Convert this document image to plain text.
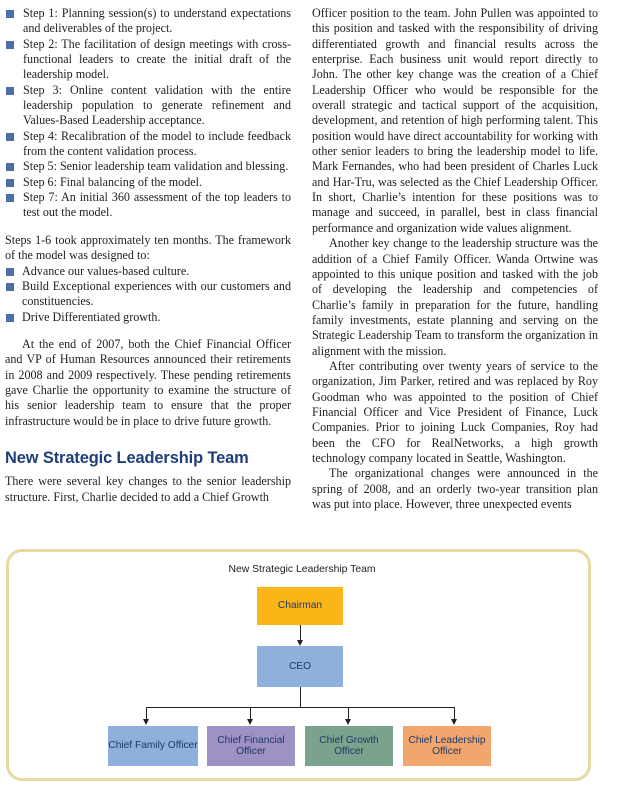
Step 1: Planning session(s) to understand expectations and deliverables of the project.
Step 2: The facilitation of design meetings with cross-functional leaders to create the initial draft of the leadership model.
Step 3: Online content validation with the entire leadership population to generate refinement and Values-Based Leadership acceptance.
Step 4: Recalibration of the model to include feedback from the content validation process.
Step 5: Senior leadership team validation and blessing.
Step 6: Final balancing of the model.
Step 7: An initial 360 assessment of the top leaders to test out the model.

Steps 1-6 took approximately ten months. The framework of the model was designed to:

Advance our values-based culture.
Build Exceptional experiences with our customers and constituencies.
Drive Differentiated growth.

At the end of 2007, both the Chief Financial Officer and VP of Human Resources announced their retirements in 2008 and 2009 respectively. These pending retirements gave Charlie the opportunity to examine the structure of his senior leadership team to ensure that the proper infrastructure would be in place to drive future growth.

New Strategic Leadership Team

There were several key changes to the senior leadership structure. First, Charlie decided to add a Chief Growth

Officer position to the team. John Pullen was appointed to this position and tasked with the responsibility of driving differentiated growth and financial results across the enterprise. Each business unit would report directly to John. The other key change was the creation of a Chief Leadership Officer who would be responsible for the overall strategic and tactical support of the acquisition, development, and retention of high performing talent. This position would have direct accountability for working with other senior leaders to bring the leadership model to life. Mark Fernandes, who had been president of Charles Luck and Har-Tru, was selected as the Chief Leadership Officer. In short, Charlie’s intention for these positions was to manage and succeed, in parallel, best in class financial performance and organization wide values alignment.

Another key change to the leadership structure was the addition of a Chief Family Officer. Wanda Ortwine was appointed to this unique position and tasked with the job of developing the leadership and competencies of Charlie’s family in preparation for the future, handling family investments, estate planning and serving on the Strategic Leadership Team to transform the organization in alignment with the mission.

After contributing over twenty years of service to the organization, Jim Parker, retired and was replaced by Roy Goodman who was appointed to the position of Chief Financial Officer and Vice President of Finance, Luck Companies. Prior to joining Luck Companies, Roy had been the CFO for RealNetworks, a high growth technology company located in Seattle, Washington.

The organizational changes were announced in the spring of 2008, and an orderly two-year transition plan was put into place. However, three unexpected events

New Strategic Leadership Team
Chairman
CEO
Chief Family Officer
Chief Financial Officer
Chief Growth Officer
Chief Leadership Officer
